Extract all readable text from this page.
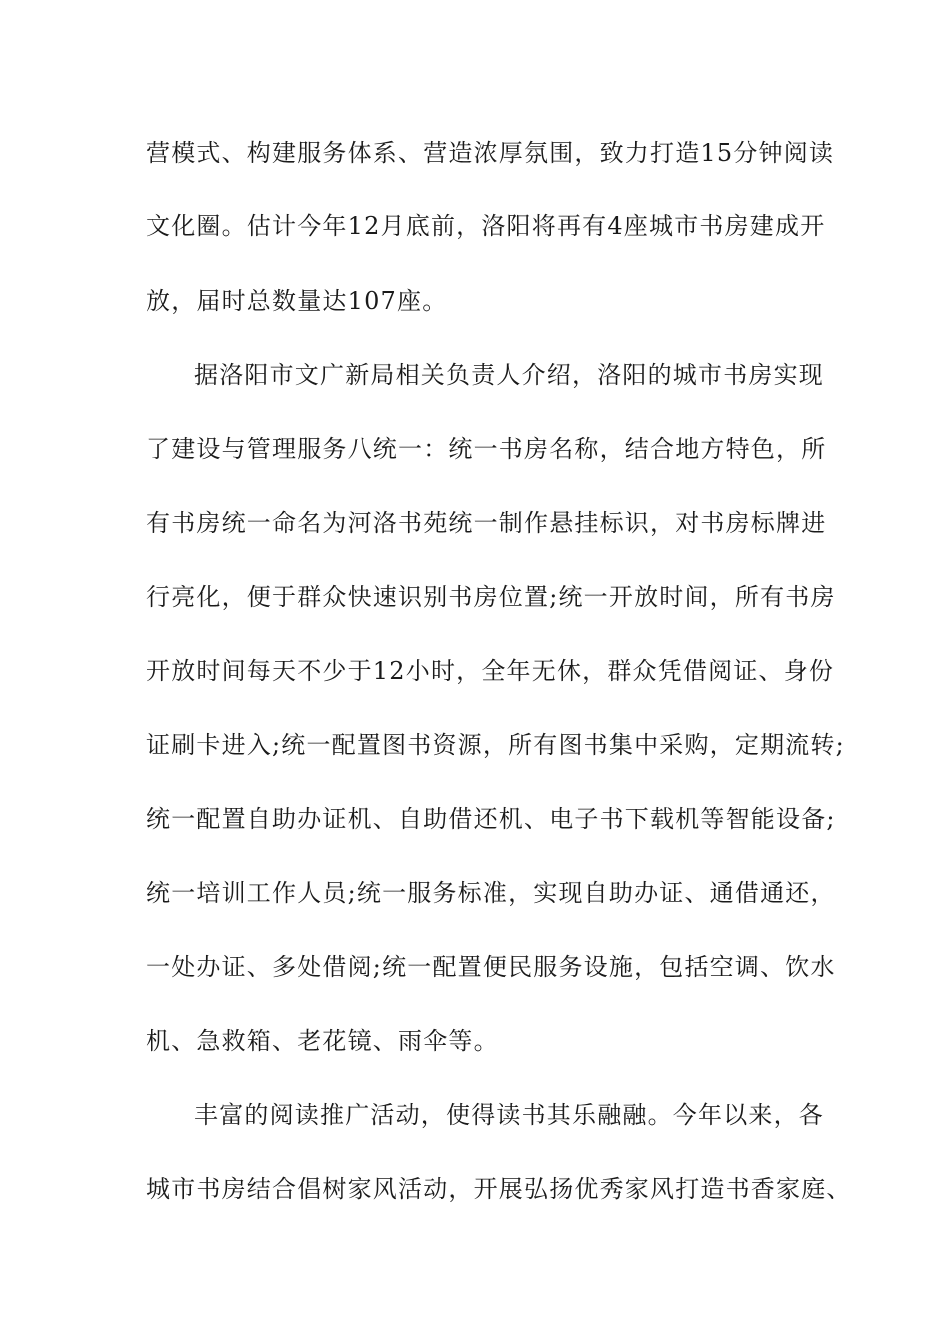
营模式、构建服务体系、营造浓厚氛围，致力打造15分钟阅读
文化圈。估计今年12月底前，洛阳将再有4座城市书房建成开
放，届时总数量达107座。
据洛阳市文广新局相关负责人介绍，洛阳的城市书房实现
了建设与管理服务八统一：统一书房名称，结合地方特色，所
有书房统一命名为河洛书苑统一制作悬挂标识，对书房标牌进
行亮化，便于群众快速识别书房位置;统一开放时间，所有书房
开放时间每天不少于12小时，全年无休，群众凭借阅证、身份
证刷卡进入;统一配置图书资源，所有图书集中采购，定期流转;
统一配置自助办证机、自助借还机、电子书下载机等智能设备;
统一培训工作人员;统一服务标准，实现自助办证、通借通还，
一处办证、多处借阅;统一配置便民服务设施，包括空调、饮水
机、急救箱、老花镜、雨伞等。
丰富的阅读推广活动，使得读书其乐融融。今年以来，各
城市书房结合倡树家风活动，开展弘扬优秀家风打造书香家庭、
